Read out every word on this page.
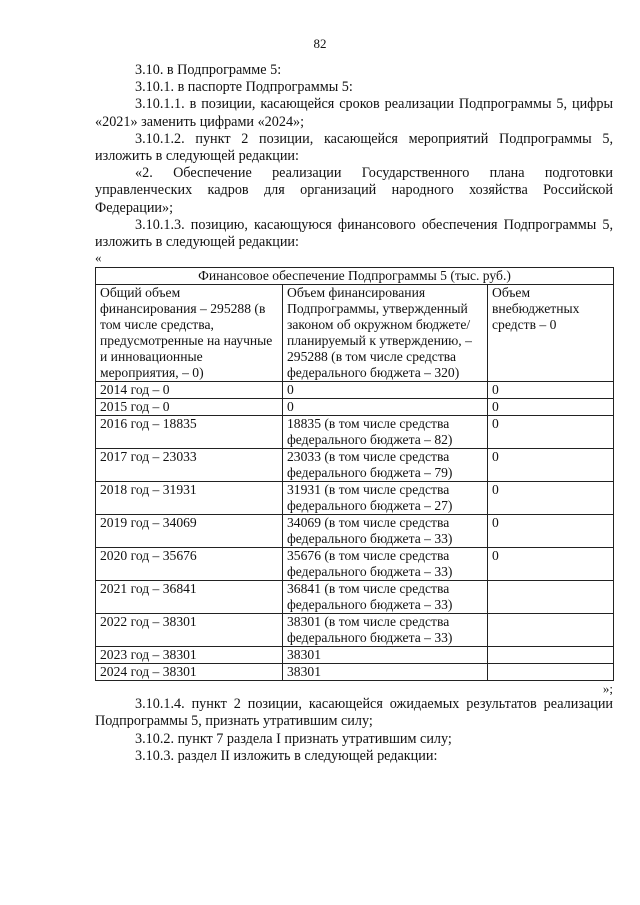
82

3.10. в Подпрограмме 5:

3.10.1. в паспорте Подпрограммы 5:

3.10.1.1. в позиции, касающейся сроков реализации Подпрограммы 5, цифры «2021» заменить цифрами «2024»;

3.10.1.2. пункт 2 позиции, касающейся мероприятий Подпрограммы 5, изложить в следующей редакции:

«2. Обеспечение реализации Государственного плана подготовки управленческих кадров для организаций народного хозяйства Российской Федерации»;

3.10.1.3. позицию, касающуюся финансового обеспечения Подпрограммы 5, изложить в следующей редакции:

«

Финансовое обеспечение Подпрограммы 5 (тыс. руб.)		
Общий объем финансирования – 295288 (в том числе средства, предусмотренные на научные и инновационные мероприятия, – 0)	Объем финансирования Подпрограммы, утвержденный законом об окружном бюджете/планируемый к утверждению, – 295288 (в том числе средства федерального бюджета – 320)	Объем внебюджетных средств – 0
2014 год – 0	0	0
2015 год – 0	0	0
2016 год – 18835	18835 (в том числе средства федерального бюджета – 82)	0
2017 год – 23033	23033 (в том числе средства федерального бюджета – 79)	0
2018 год – 31931	31931 (в том числе средства федерального бюджета – 27)	0
2019 год – 34069	34069 (в том числе средства федерального бюджета – 33)	0
2020 год – 35676	35676 (в том числе средства федерального бюджета – 33)	0
2021 год – 36841	36841 (в том числе средства федерального бюджета – 33)	
2022 год – 38301	38301 (в том числе средства федерального бюджета – 33)	
2023 год – 38301	38301	
2024 год – 38301	38301	

»;

3.10.1.4. пункт 2 позиции, касающейся ожидаемых результатов реализации Подпрограммы 5, признать утратившим силу;

3.10.2. пункт 7 раздела I признать утратившим силу;

3.10.3. раздел II изложить в следующей редакции:
